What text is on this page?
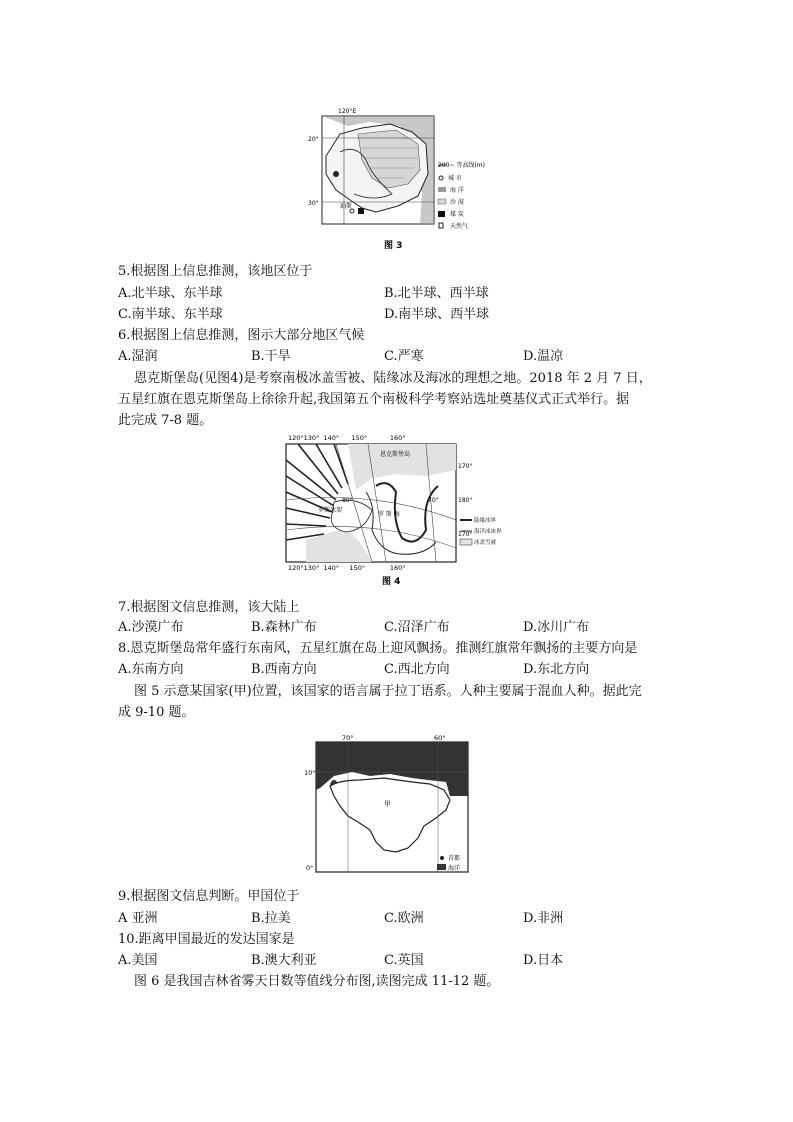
120°E
20°
30°	珀斯
200~ 等高线(m)
城 市
海 洋
沙 漠
煤 炭
天然气
图 3
5.根据图上信息推测，该地区位于
A.北半球、东半球	B.北半球、西半球
C.南半球、东半球	D.南半球、西半球
6.根据图上信息推测，图示大部分地区气候
A.湿润	B.干旱	C.严寒	D.温凉
恩克斯堡岛(见图4)是考察南极冰盖雪被、陆缘冰及海冰的理想之地。2018 年 2 月 7 日，
五星红旗在恩克斯堡岛上徐徐升起,我国第五个南极科学考察站选址奠基仪式正式举行。据
此完成 7-8 题。
120°130°  140°      150°           160°
恩克斯堡岛
罗斯冰架
罗 斯 海
80°	70°
170°
180°
170°
陆缘冰界
海洋冰冰界
冰盖雪被
120°130°  140°     150°            160°
图 4
7.根据图文信息推测，该大陆上
A.沙漠广布	B.森林广布	C.沼泽广布	D.冰川广布
8.恩克斯堡岛常年盛行东南风，五星红旗在岛上迎风飘扬。推测红旗常年飘扬的主要方向是
A.东南方向	B.西南方向	C.西北方向	D.东北方向
图 5 示意某国家(甲)位置，该国家的语言属于拉丁语系。人种主要属于混血人种。据此完
成 9-10 题。
70°	60°
10°
0°
甲
首都
海洋
9.根据图文信息判断。甲国位于
A 亚洲	B.拉美	C.欧洲	D.非洲
10.距离甲国最近的发达国家是
A.美国	B.澳大利亚	C.英国	D.日本
图 6 是我国吉林省雾天日数等值线分布图,读图完成 11-12 题。
